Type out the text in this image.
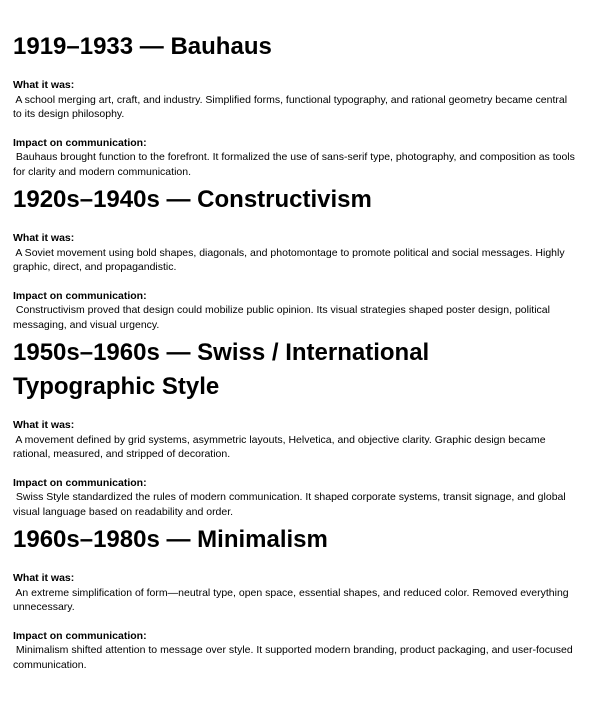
1919–1933 — Bauhaus
What it was:
A school merging art, craft, and industry. Simplified forms, functional typography, and rational geometry became central to its design philosophy.
Impact on communication:
Bauhaus brought function to the forefront. It formalized the use of sans-serif type, photography, and composition as tools for clarity and modern communication.
1920s–1940s — Constructivism
What it was:
A Soviet movement using bold shapes, diagonals, and photomontage to promote political and social messages. Highly graphic, direct, and propagandistic.
Impact on communication:
Constructivism proved that design could mobilize public opinion. Its visual strategies shaped poster design, political messaging, and visual urgency.
1950s–1960s — Swiss / International Typographic Style
What it was:
A movement defined by grid systems, asymmetric layouts, Helvetica, and objective clarity. Graphic design became rational, measured, and stripped of decoration.
Impact on communication:
Swiss Style standardized the rules of modern communication. It shaped corporate systems, transit signage, and global visual language based on readability and order.
1960s–1980s — Minimalism
What it was:
An extreme simplification of form—neutral type, open space, essential shapes, and reduced color. Removed everything unnecessary.
Impact on communication:
Minimalism shifted attention to message over style. It supported modern branding, product packaging, and user-focused communication.
